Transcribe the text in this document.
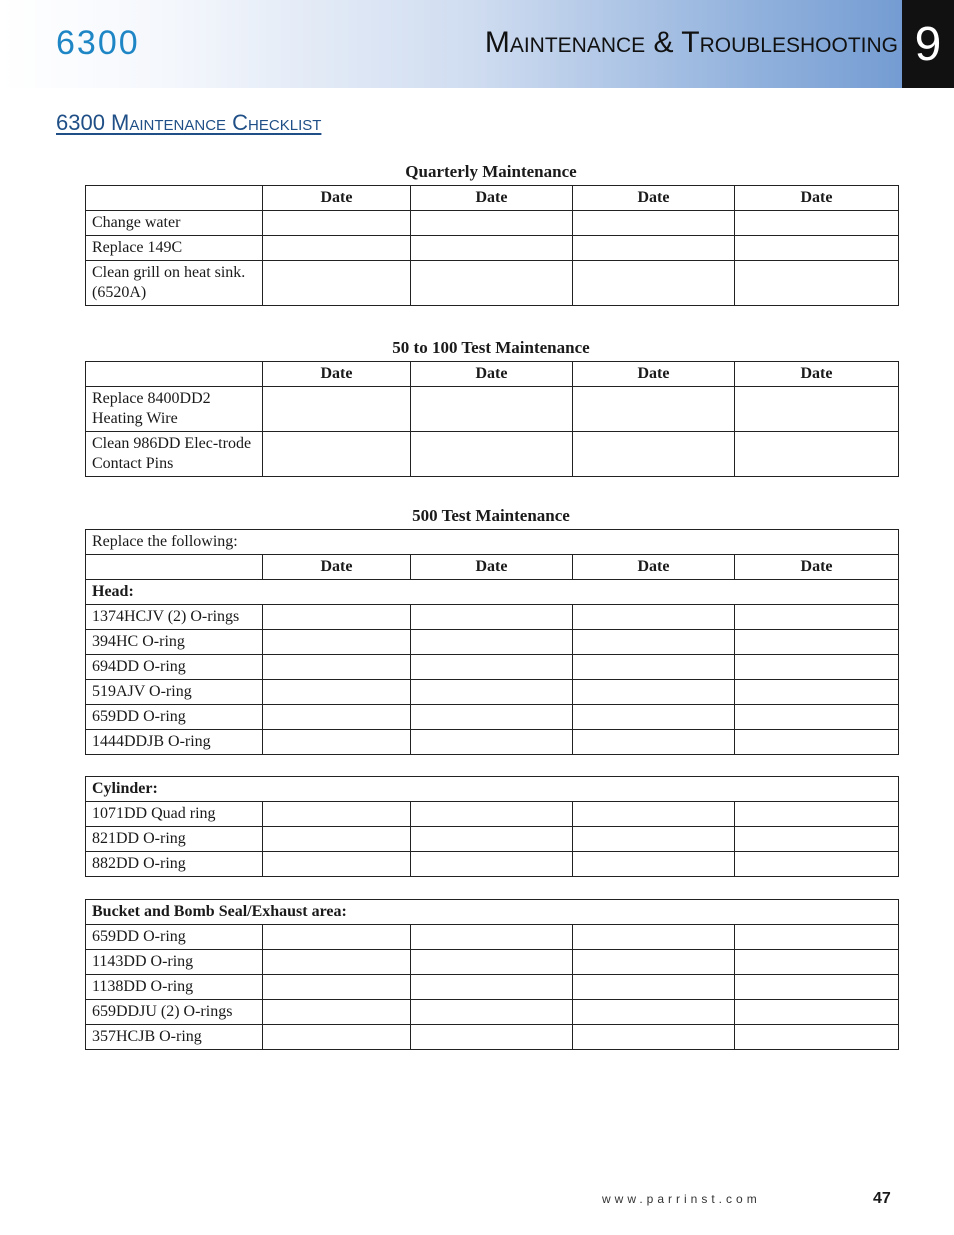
6300	Maintenance & Troubleshooting 9
6300 Maintenance Checklist
Quarterly Maintenance
	Date	Date	Date	Date
Change water				
Replace 149C				
Clean grill on heat sink.(6520A)				
50 to 100 Test Maintenance
	Date	Date	Date	Date
Replace 8400DD2 Heating Wire				
Clean 986DD Elec-trode Contact Pins				
500 Test Maintenance
Replace the following:				
	Date	Date	Date	Date
Head:				
1374HCJV (2) O-rings				
394HC O-ring				
694DD O-ring				
519AJV O-ring				
659DD O-ring				
1444DDJB O-ring				
Cylinder:				
1071DD Quad ring				
821DD O-ring				
882DD O-ring				
Bucket and Bomb Seal/Exhaust area:				
659DD O-ring				
1143DD O-ring				
1138DD O-ring				
659DDJU (2) O-rings				
357HCJB O-ring				
www.parrinst.com	47
